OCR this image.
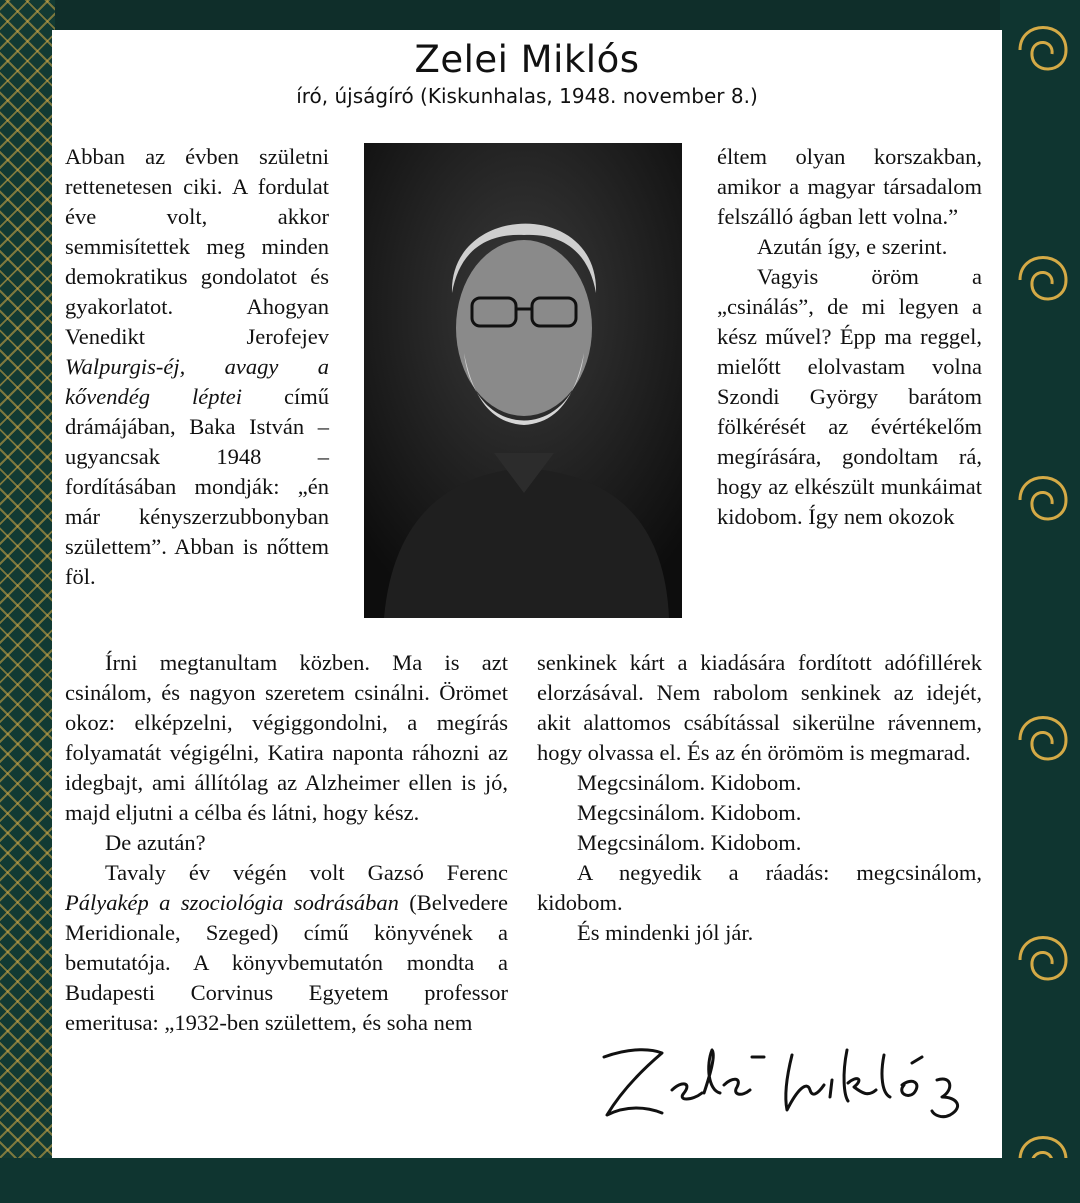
Zelei Miklós
író, újságíró (Kiskunhalas, 1948. november 8.)

Abban az évben születni rettenetesen ciki. A fordulat éve volt, akkor semmisítettek meg minden demokratikus gondolatot és gyakorlatot. Ahogyan Venedikt Jerofejev Walpurgis-éj, avagy a kővendég léptei című drámájában, Baka István – ugyancsak 1948 – fordításában mondják: „én már kényszerzubbonyban születtem”. Abban is nőttem föl.

Írni megtanultam közben. Ma is azt csinálom, és nagyon szeretem csinálni. Örömet okoz: elképzelni, végiggondolni, a megírás folyamatát végigélni, Katira naponta ráhozni az idegbajt, ami állítólag az Alzheimer ellen is jó, majd eljutni a célba és látni, hogy kész.

De azután?

Tavaly év végén volt Gazsó Ferenc Pályakép a szociológia sodrásában (Belvedere Meridionale, Szeged) című könyvének a bemutatója. A könyvbemutatón mondta a Budapesti Corvinus Egyetem professor emeritusa: „1932-ben születtem, és soha nem

éltem olyan korszakban, amikor a magyar társadalom felszálló ágban lett volna.”

Azután így, e szerint.

Vagyis öröm a „csinálás”, de mi legyen a kész művel? Épp ma reggel, mielőtt elolvastam volna Szondi György barátom fölkérését az évértékelőm megírására, gondoltam rá, hogy az elkészült munkáimat kidobom. Így nem okozok

senkinek kárt a kiadására fordított adófillérek elorzásával. Nem rabolom senkinek az idejét, akit alattomos csábítással sikerülne rávennem, hogy olvassa el. És az én örömöm is megmarad.

Megcsinálom. Kidobom.

Megcsinálom. Kidobom.

Megcsinálom. Kidobom.

A negyedik a ráadás: megcsinálom, kidobom.

És mindenki jól jár.
